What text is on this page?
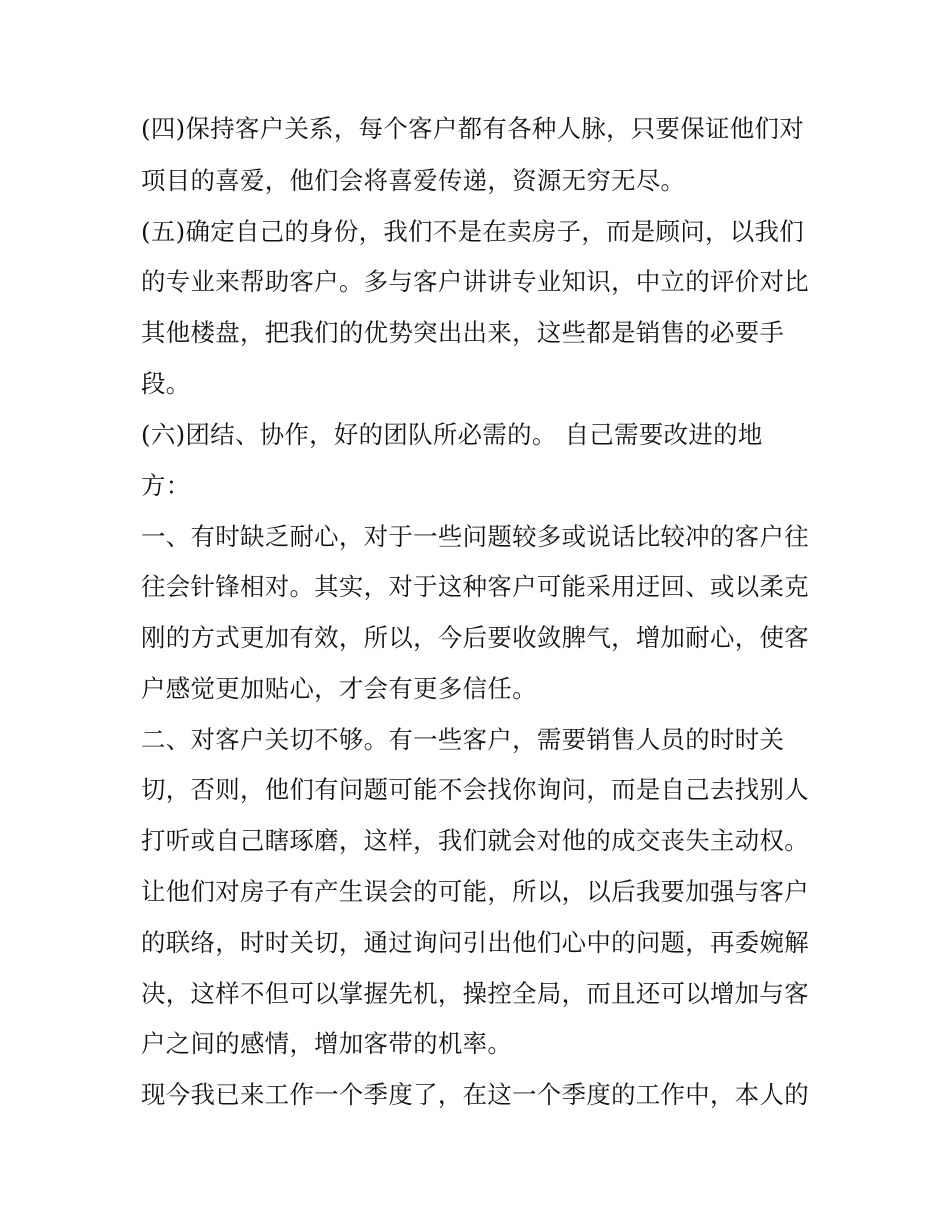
(四)保持客户关系，每个客户都有各种人脉，只要保证他们对
项目的喜爱，他们会将喜爱传递，资源无穷无尽。
(五)确定自己的身份，我们不是在卖房子，而是顾问，以我们
的专业来帮助客户。多与客户讲讲专业知识，中立的评价对比
其他楼盘，把我们的优势突出出来，这些都是销售的必要手
段。
(六)团结、协作，好的团队所必需的。 自己需要改进的地
方：
一、有时缺乏耐心，对于一些问题较多或说话比较冲的客户往
往会针锋相对。其实，对于这种客户可能采用迂回、或以柔克
刚的方式更加有效，所以，今后要收敛脾气，增加耐心，使客
户感觉更加贴心，才会有更多信任。
二、对客户关切不够。有一些客户，需要销售人员的时时关
切，否则，他们有问题可能不会找你询问，而是自己去找别人
打听或自己瞎琢磨，这样，我们就会对他的成交丧失主动权。
让他们对房子有产生误会的可能，所以，以后我要加强与客户
的联络，时时关切，通过询问引出他们心中的问题，再委婉解
决，这样不但可以掌握先机，操控全局，而且还可以增加与客
户之间的感情，增加客带的机率。
现今我已来工作一个季度了，在这一个季度的工作中，本人的
